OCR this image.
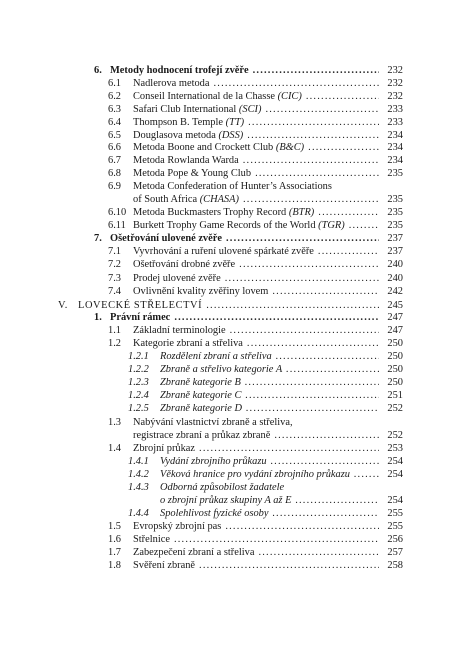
6. Metody hodnocení trofejí zvěře .....	232
6.1 Nadlerova metoda .....	232
6.2 Conseil International de la Chasse (CIC) .....	232
6.3 Safari Club International (SCI) .....	233
6.4 Thompson B. Temple (TT) .....	233
6.5 Douglasova metoda (DSS) .....	234
6.6 Metoda Boone and Crockett Club (B&C) .....	234
6.7 Metoda Rowlanda Warda .....	234
6.8 Metoda Pope & Young Club .....	235
6.9 Metoda Confederation of Hunter’s Associations
of South Africa (CHASA) .....	235
6.10 Metoda Buckmasters Trophy Record (BTR) .....	235
6.11 Burkett Trophy Game Records of the World (TGR) .....	235
7. Ošetřování ulovené zvěře .....	237
7.1 Vyvrhování a ruření ulovené spárkaté zvěře .....	237
7.2 Ošetřování drobné zvěře .....	240
7.3 Prodej ulovené zvěře .....	240
7.4 Ovlivnění kvality zvěřiny lovem .....	242
V. LOVECKÉ STŘELECTVÍ .....	245
1. Právní rámec .....	247
1.1 Základní terminologie .....	247
1.2 Kategorie zbraní a střeliva .....	250
1.2.1 Rozdělení zbraní a střeliva .....	250
1.2.2 Zbraně a střelivo kategorie A .....	250
1.2.3 Zbraně kategorie B .....	250
1.2.4 Zbraně kategorie C .....	251
1.2.5 Zbraně kategorie D .....	252
1.3 Nabývání vlastnictví zbraně a střeliva,
registrace zbraní a průkaz zbraně .....	252
1.4 Zbrojní průkaz .....	253
1.4.1 Vydání zbrojního průkazu .....	254
1.4.2 Věková hranice pro vydání zbrojního průkazu .....	254
1.4.3 Odborná způsobilost žadatele
o zbrojní průkaz skupiny A až E .....	254
1.4.4 Spolehlivost fyzické osoby .....	255
1.5 Evropský zbrojní pas .....	255
1.6 Střelnice .....	256
1.7 Zabezpečení zbraní a střeliva .....	257
1.8 Svěření zbraně .....	258
